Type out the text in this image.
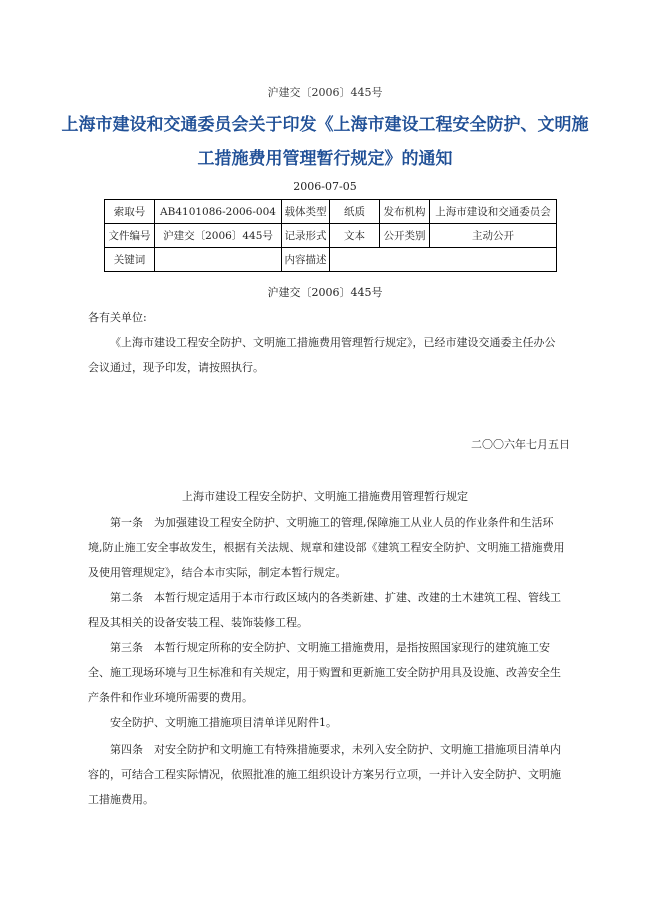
沪建交〔2006〕445号
上海市建设和交通委员会关于印发《上海市建设工程安全防护、文明施工措施费用管理暂行规定》的通知
2006-07-05
索取号	AB4101086-2006-004	载体类型	纸质	发布机构	上海市建设和交通委员会
文件编号	沪建交〔2006〕445号	记录形式	文本	公开类别	主动公开
关键词		内容描述			
沪建交〔2006〕445号
各有关单位:

《上海市建设工程安全防护、文明施工措施费用管理暂行规定》，已经市建设交通委主任办公会议通过，现予印发，请按照执行。

二〇〇六年七月五日
上海市建设工程安全防护、文明施工措施费用管理暂行规定

第一条　为加强建设工程安全防护、文明施工的管理,保障施工从业人员的作业条件和生活环境,防止施工安全事故发生，根据有关法规、规章和建设部《建筑工程安全防护、文明施工措施费用及使用管理规定》，结合本市实际，制定本暂行规定。

第二条　本暂行规定适用于本市行政区域内的各类新建、扩建、改建的土木建筑工程、管线工程及其相关的设备安装工程、装饰装修工程。

第三条　本暂行规定所称的安全防护、文明施工措施费用，是指按照国家现行的建筑施工安全、施工现场环境与卫生标准和有关规定，用于购置和更新施工安全防护用具及设施、改善安全生产条件和作业环境所需要的费用。

安全防护、文明施工措施项目清单详见附件1。

第四条　对安全防护和文明施工有特殊措施要求，未列入安全防护、文明施工措施项目清单内容的，可结合工程实际情况，依照批准的施工组织设计方案另行立项，一并计入安全防护、文明施工措施费用。
